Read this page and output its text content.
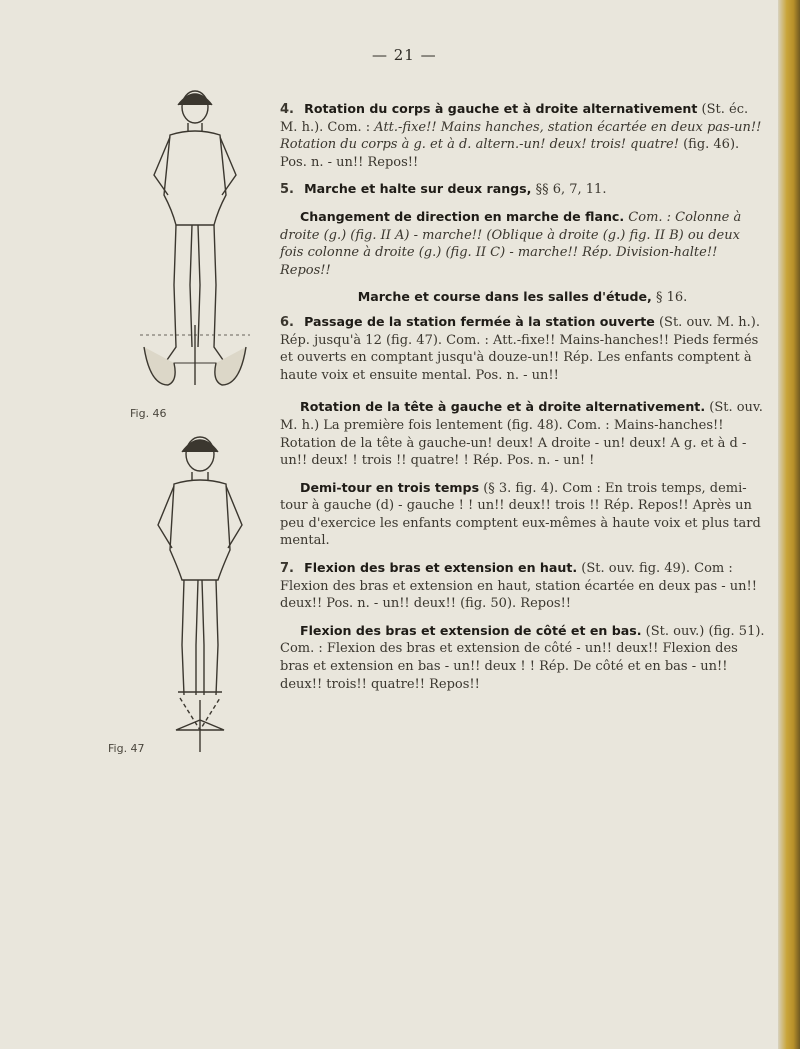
— 21 —
Fig. 46
Fig. 47

4. Rotation du corps à gauche et à droite alternativement (St. éc. M. h.). Com. : Att.-fixe!! Mains hanches, station écartée en deux pas-un!! Rotation du corps à g. et à d. altern.-un! deux! trois! quatre! (fig. 46). Pos. n. - un!! Repos!!

5. Marche et halte sur deux rangs, §§ 6, 7, 11.

Changement de direction en marche de flanc. Com. : Colonne à droite (g.) (fig. II A) - marche!! (Oblique à droite (g.) fig. II B) ou deux fois colonne à droite (g.) (fig. II C) - marche!! Rép. Division-halte!! Repos!!

Marche et course dans les salles d'étude, § 16.

6. Passage de la station fermée à la station ouverte (St. ouv. M. h.). Rép. jusqu'à 12 (fig. 47). Com. : Att.-fixe!! Mains-hanches!! Pieds fermés et ouverts en comptant jusqu'à douze-un!! Rép. Les enfants comptent à haute voix et ensuite mental. Pos. n. - un!!

Rotation de la tête à gauche et à droite alternativement. (St. ouv. M. h.) La première fois lentement (fig. 48). Com. : Mains-hanches!! Rotation de la tête à gauche-un! deux! A droite - un! deux! A g. et à d - un!! deux! ! trois !! quatre! ! Rép. Pos. n. - un! !

Demi-tour en trois temps (§ 3. fig. 4). Com : En trois temps, demi-tour à gauche (d) - gauche ! ! un!! deux!! trois !! Rép. Repos!! Après un peu d'exercice les enfants comptent eux-mêmes à haute voix et plus tard mental.

7. Flexion des bras et extension en haut. (St. ouv. fig. 49). Com : Flexion des bras et extension en haut, station écartée en deux pas - un!! deux!! Pos. n. - un!! deux!! (fig. 50). Repos!!

Flexion des bras et extension de côté et en bas. (St. ouv.) (fig. 51). Com. : Flexion des bras et extension de côté - un!! deux!! Flexion des bras et extension en bas - un!! deux ! ! Rép. De côté et en bas - un!! deux!! trois!! quatre!! Repos!!
